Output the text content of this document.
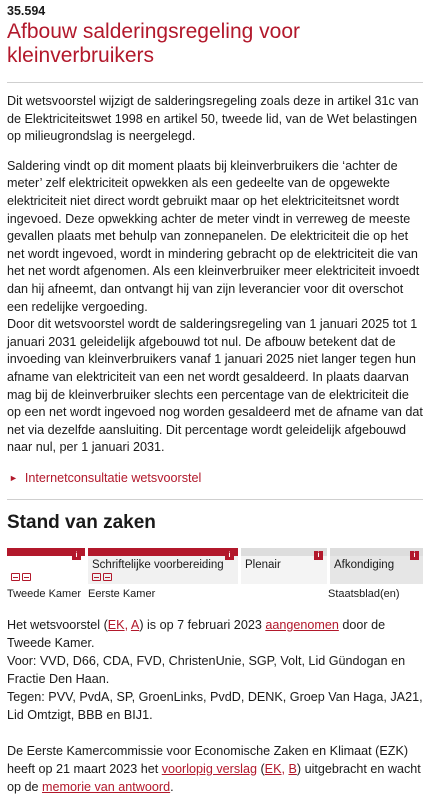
35.594
Afbouw salderingsregeling voor kleinverbruikers

Dit wetsvoorstel wijzigt de salderingsregeling zoals deze in artikel 31c van de Elektriciteitswet 1998 en artikel 50, tweede lid, van de Wet belastingen op milieugrondslag is neergelegd.

Saldering vindt op dit moment plaats bij kleinverbruikers die ‘achter de meter’ zelf elektriciteit opwekken als een gedeelte van de opgewekte elektriciteit niet direct wordt gebruikt maar op het elektriciteitsnet wordt ingevoed. Deze opwekking achter de meter vindt in verreweg de meeste gevallen plaats met behulp van zonnepanelen. De elektriciteit die op het net wordt ingevoed, wordt in mindering gebracht op de elektriciteit die van het net wordt afgenomen. Als een kleinverbruiker meer elektriciteit invoedt dan hij afneemt, dan ontvangt hij van zijn leverancier voor dit overschot een redelijke vergoeding.

Door dit wetsvoorstel wordt de salderingsregeling van 1 januari 2025 tot 1 januari 2031 geleidelijk afgebouwd tot nul. De afbouw betekent dat de invoeding van kleinverbruikers vanaf 1 januari 2025 niet langer tegen hun afname van elektriciteit van een net wordt gesaldeerd. In plaats daarvan mag bij de kleinverbruiker slechts een percentage van de elektriciteit die op een net wordt ingevoed nog worden gesaldeerd met de afname van dat net via dezelfde aansluiting. Dit percentage wordt geleidelijk afgebouwd naar nul, per 1 januari 2031.

► Internetconsultatie wetsvoorstel
Stand van zaken
i
Schriftelijke voorbereiding
i
Plenair
i
Afkondiging
i
Tweede Kamer Eerste Kamer	Staatsblad(en)

Het wetsvoorstel (EK, A) is op 7 februari 2023 aangenomen door de Tweede Kamer.

Voor: VVD, D66, CDA, FVD, ChristenUnie, SGP, Volt, Lid Gündogan en Fractie Den Haan.

Tegen: PVV, PvdA, SP, GroenLinks, PvdD, DENK, Groep Van Haga, JA21, Lid Omtzigt, BBB en BIJ1.

De Eerste Kamercommissie voor Economische Zaken en Klimaat (EZK) heeft op 21 maart 2023 het voorlopig verslag (EK, B) uitgebracht en wacht op de memorie van antwoord.
